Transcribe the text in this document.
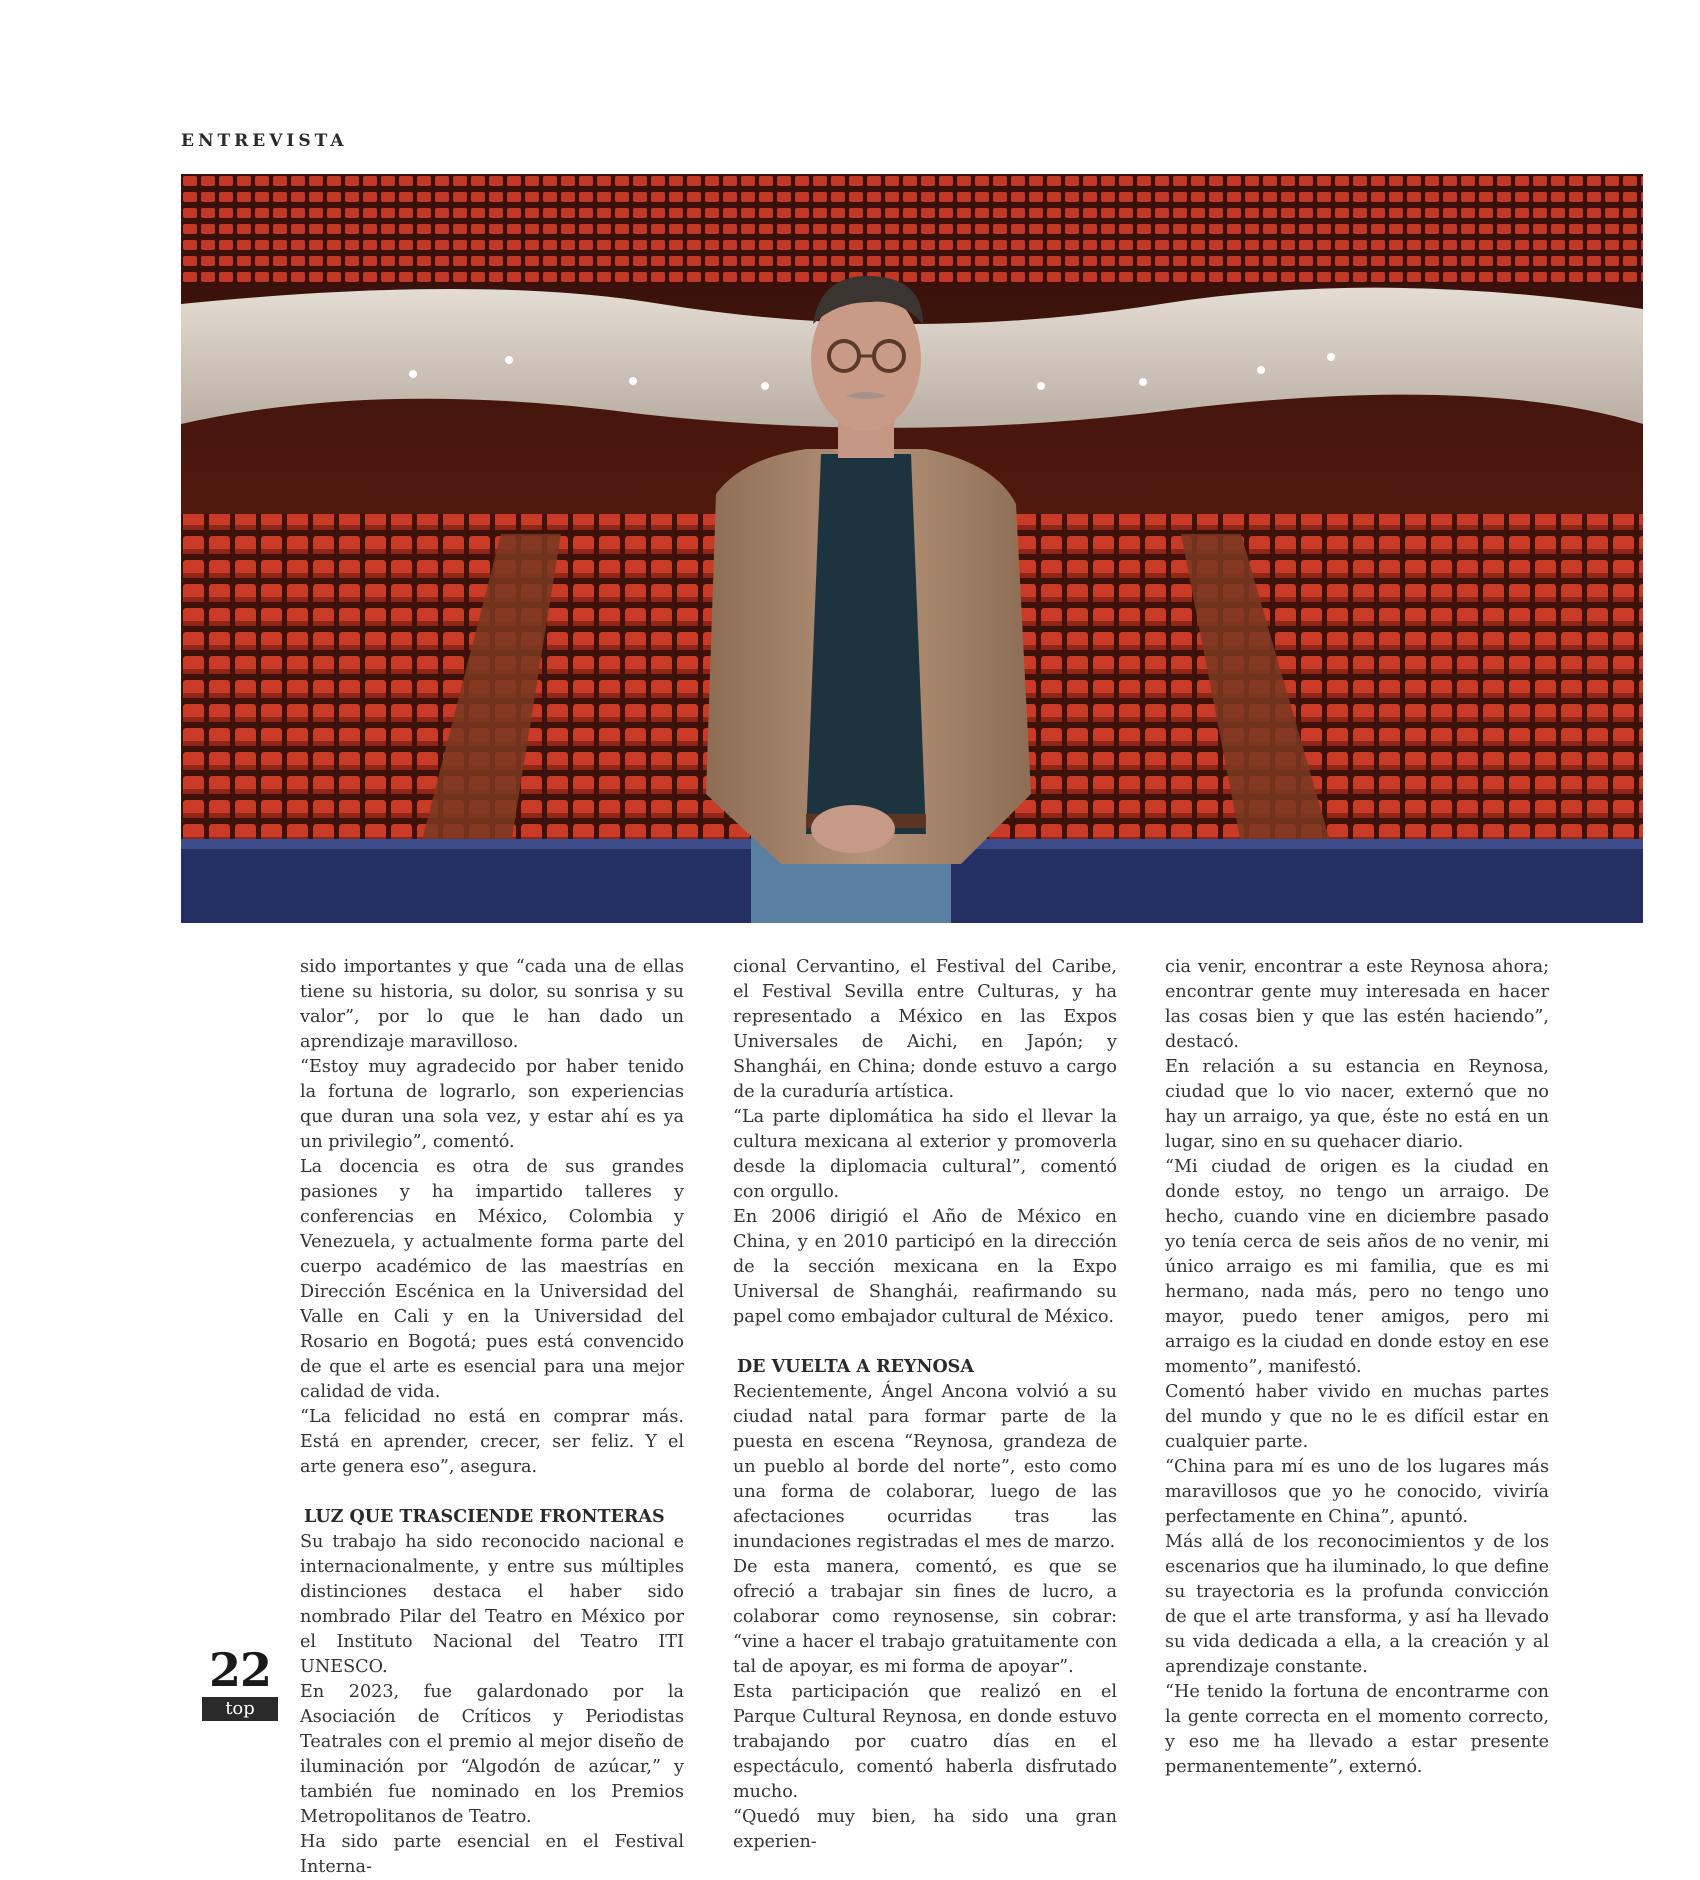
ENTREVISTA

sido importantes y que “cada una de ellas tiene su historia, su dolor, su sonrisa y su valor”, por lo que le han dado un aprendizaje maravilloso.

“Estoy muy agradecido por haber tenido la fortuna de lograrlo, son experiencias que duran una sola vez, y estar ahí es ya un privilegio”, comentó.

La docencia es otra de sus grandes pasiones y ha impartido talleres y conferencias en México, Colombia y Venezuela, y actualmente forma parte del cuerpo académico de las maestrías en Dirección Escénica en la Universidad del Valle en Cali y en la Universidad del Rosario en Bogotá; pues está convencido de que el arte es esencial para una mejor calidad de vida.

“La felicidad no está en comprar más. Está en aprender, crecer, ser feliz. Y el arte genera eso”, asegura.

LUZ QUE TRASCIENDE FRONTERAS

Su trabajo ha sido reconocido nacional e internacionalmente, y entre sus múltiples distinciones destaca el haber sido nombrado Pilar del Teatro en México por el Instituto Nacional del Teatro ITI UNESCO.

En 2023, fue galardonado por la Asociación de Críticos y Periodistas Teatrales con el premio al mejor diseño de iluminación por “Algodón de azúcar,” y también fue nominado en los Premios Metropolitanos de Teatro.

Ha sido parte esencial en el Festival Interna-

cional Cervantino, el Festival del Caribe, el Festival Sevilla entre Culturas, y ha representado a México en las Expos Universales de Aichi, en Japón; y Shanghái, en China; donde estuvo a cargo de la curaduría artística.

“La parte diplomática ha sido el llevar la cultura mexicana al exterior y promoverla desde la diplomacia cultural”, comentó con orgullo.

En 2006 dirigió el Año de México en China, y en 2010 participó en la dirección de la sección mexicana en la Expo Universal de Shanghái, reafirmando su papel como embajador cultural de México.

DE VUELTA A REYNOSA

Recientemente, Ángel Ancona volvió a su ciudad natal para formar parte de la puesta en escena “Reynosa, grandeza de un pueblo al borde del norte”, esto como una forma de colaborar, luego de las afectaciones ocurridas tras las inundaciones registradas el mes de marzo.

De esta manera, comentó, es que se ofreció a trabajar sin fines de lucro, a colaborar como reynosense, sin cobrar: “vine a hacer el trabajo gratuitamente con tal de apoyar, es mi forma de apoyar”.

Esta participación que realizó en el Parque Cultural Reynosa, en donde estuvo trabajando por cuatro días en el espectáculo, comentó haberla disfrutado mucho.

“Quedó muy bien, ha sido una gran experien-

cia venir, encontrar a este Reynosa ahora; encontrar gente muy interesada en hacer las cosas bien y que las estén haciendo”, destacó.

En relación a su estancia en Reynosa, ciudad que lo vio nacer, externó que no hay un arraigo, ya que, éste no está en un lugar, sino en su quehacer diario.

“Mi ciudad de origen es la ciudad en donde estoy, no tengo un arraigo. De hecho, cuando vine en diciembre pasado yo tenía cerca de seis años de no venir, mi único arraigo es mi familia, que es mi hermano, nada más, pero no tengo uno mayor, puedo tener amigos, pero mi arraigo es la ciudad en donde estoy en ese momento”, manifestó.

Comentó haber vivido en muchas partes del mundo y que no le es difícil estar en cualquier parte.

“China para mí es uno de los lugares más maravillosos que yo he conocido, viviría perfectamente en China”, apuntó.

Más allá de los reconocimientos y de los escenarios que ha iluminado, lo que define su trayectoria es la profunda convicción de que el arte transforma, y así ha llevado su vida dedicada a ella, a la creación y al aprendizaje constante.

“He tenido la fortuna de encontrarme con la gente correcta en el momento correcto, y eso me ha llevado a estar presente permanentemente”, externó.

22
top
